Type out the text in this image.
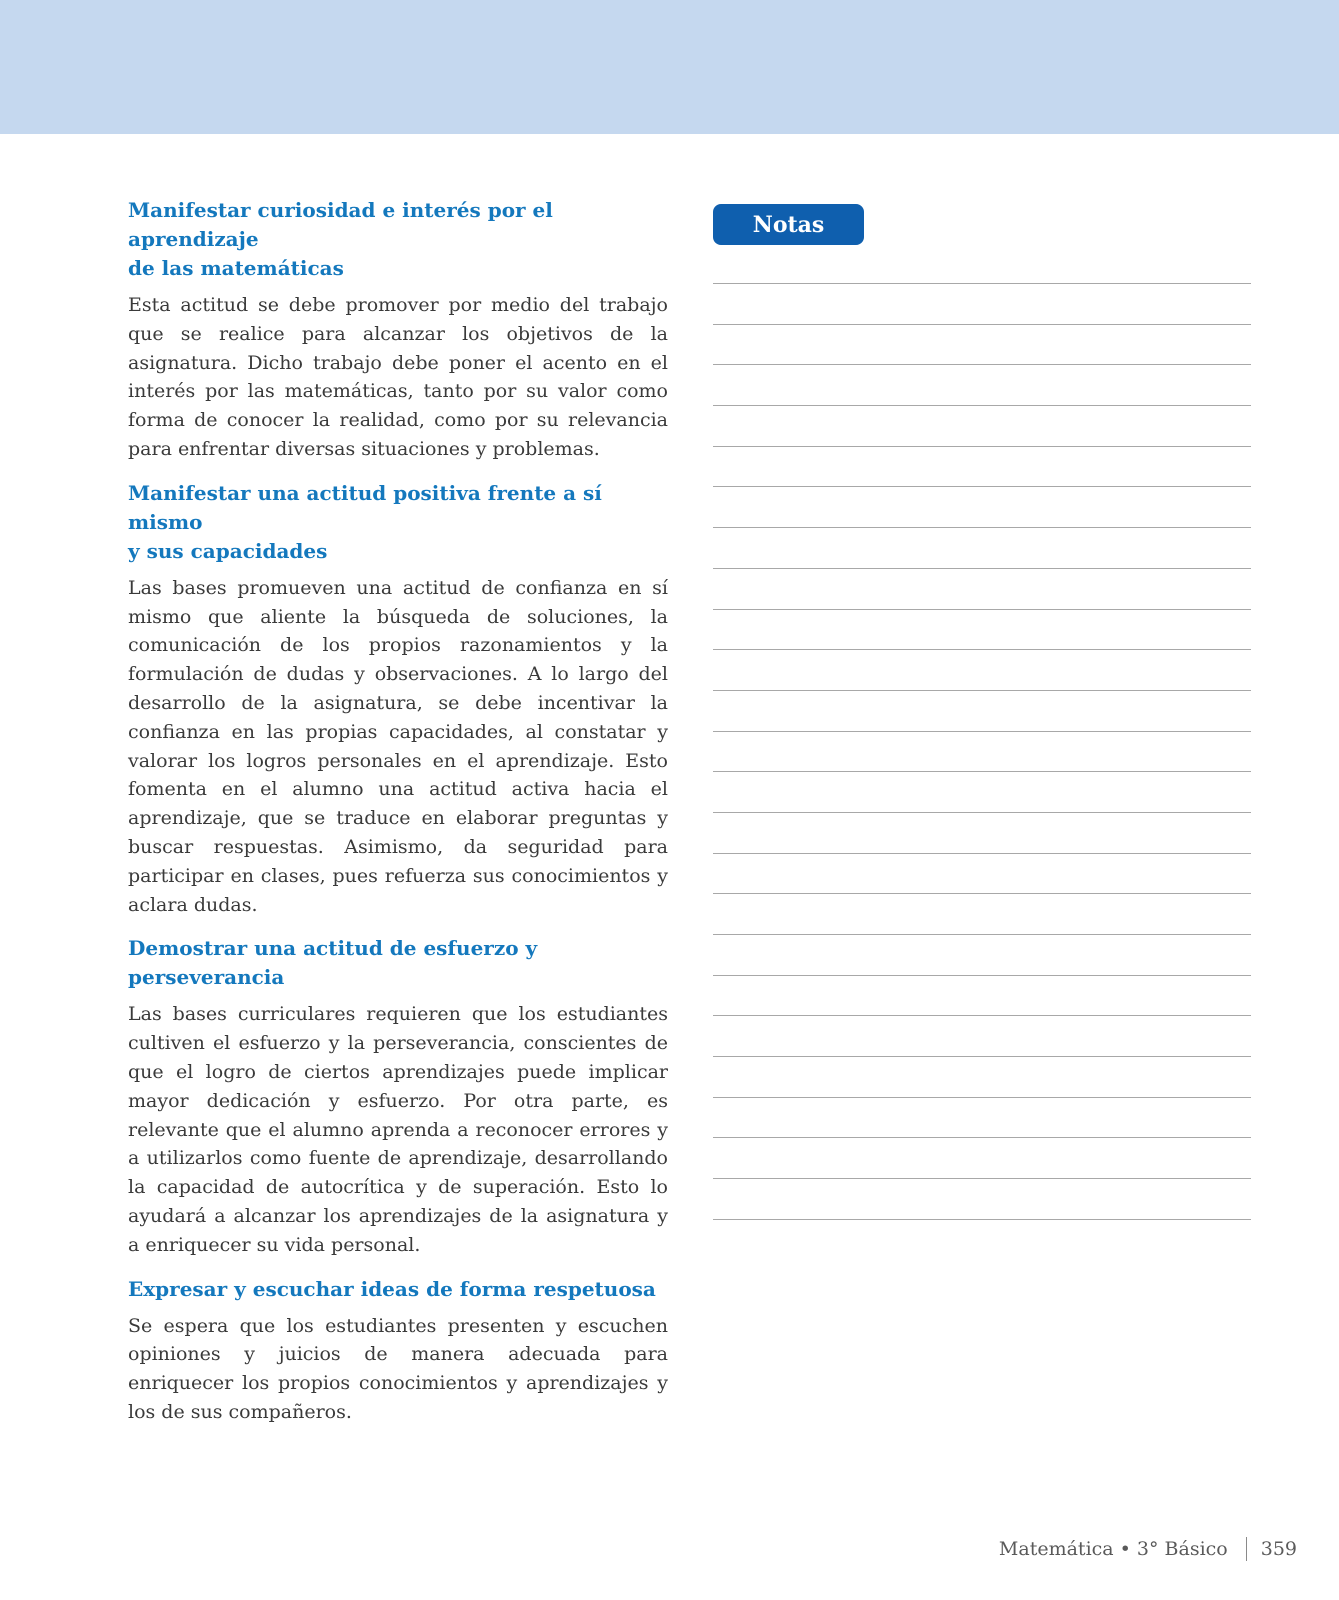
Manifestar curiosidad e interés por el aprendizaje
de las matemáticas

Esta actitud se debe promover por medio del trabajo que se realice para alcanzar los objetivos de la asignatura. Dicho trabajo debe poner el acento en el interés por las matemáticas, tanto por su valor como forma de conocer la realidad, como por su relevancia para enfrentar diversas situaciones y problemas.

Manifestar una actitud positiva frente a sí mismo
y sus capacidades

Las bases promueven una actitud de confianza en sí mismo que aliente la búsqueda de soluciones, la comunicación de los propios razonamientos y la formulación de dudas y observaciones. A lo largo del desarrollo de la asignatura, se debe incentivar la confianza en las propias capacidades, al constatar y valorar los logros personales en el aprendizaje. Esto fomenta en el alumno una actitud activa hacia el aprendizaje, que se traduce en elaborar preguntas y buscar respuestas. Asimismo, da seguridad para participar en clases, pues refuerza sus conocimientos y aclara dudas.

Demostrar una actitud de esfuerzo y perseverancia

Las bases curriculares requieren que los estudiantes cultiven el esfuerzo y la perseverancia, conscientes de que el logro de ciertos aprendizajes puede implicar mayor dedicación y esfuerzo. Por otra parte, es relevante que el alumno aprenda a reconocer errores y a utilizarlos como fuente de aprendizaje, desarrollando la capacidad de autocrítica y de superación. Esto lo ayudará a alcanzar los aprendizajes de la asignatura y a enriquecer su vida personal.

Expresar y escuchar ideas de forma respetuosa

Se espera que los estudiantes presenten y escuchen opiniones y juicios de manera adecuada para enriquecer los propios conocimientos y aprendizajes y los de sus compañeros.

Notas
Matemática • 3° Básico 359
